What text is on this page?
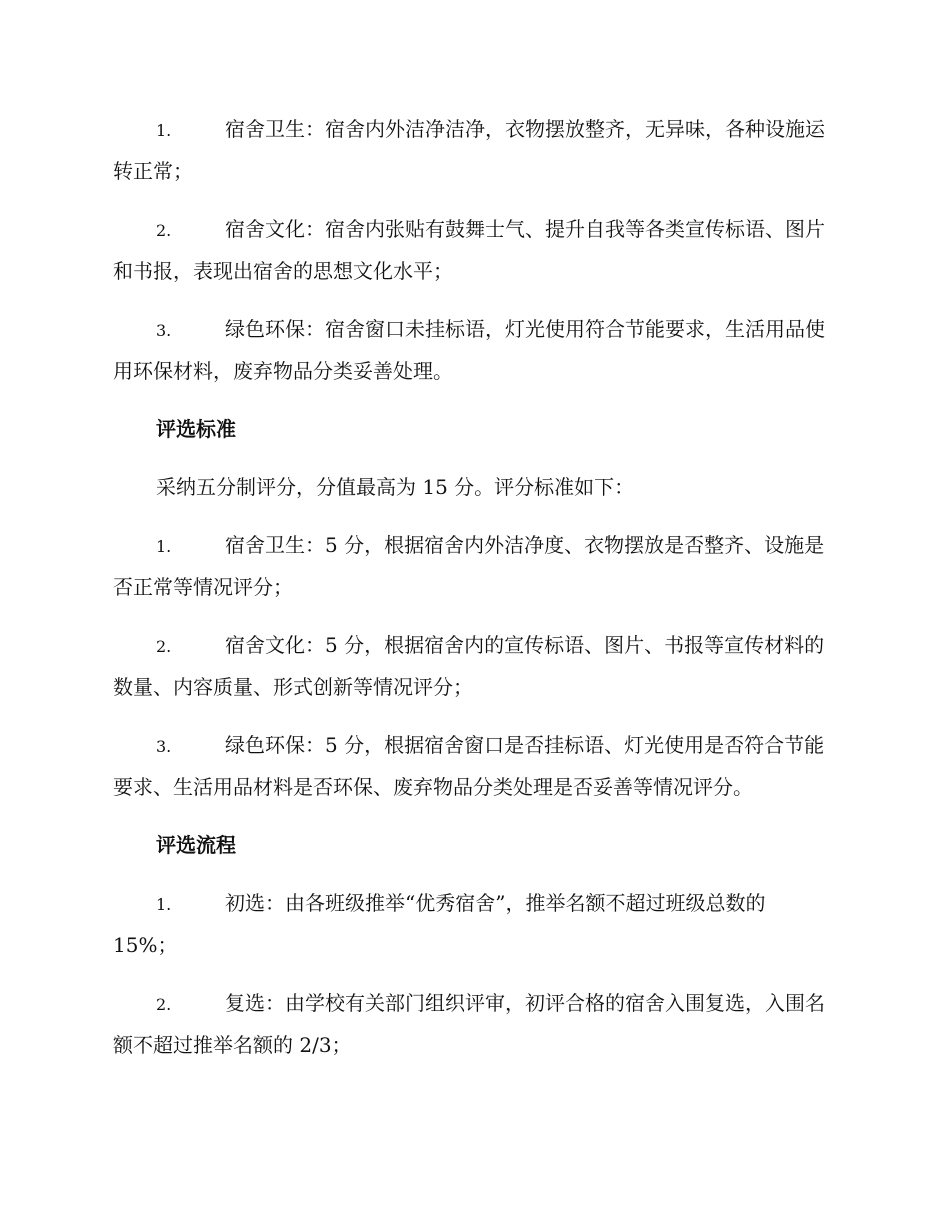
1.	宿舍卫生：宿舍内外洁净洁净，衣物摆放整齐，无异味，各种设施运转正常；

2.	宿舍文化：宿舍内张贴有鼓舞士气、提升自我等各类宣传标语、图片和书报，表现出宿舍的思想文化水平；

3.	绿色环保：宿舍窗口未挂标语，灯光使用符合节能要求，生活用品使用环保材料，废弃物品分类妥善处理。

评选标准

采纳五分制评分，分值最高为 15 分。评分标准如下：

1.	宿舍卫生：5 分，根据宿舍内外洁净度、衣物摆放是否整齐、设施是否正常等情况评分；

2.	宿舍文化：5 分，根据宿舍内的宣传标语、图片、书报等宣传材料的数量、内容质量、形式创新等情况评分；

3.	绿色环保：5 分，根据宿舍窗口是否挂标语、灯光使用是否符合节能要求、生活用品材料是否环保、废弃物品分类处理是否妥善等情况评分。

评选流程

1.	初选：由各班级推举“优秀宿舍”，推举名额不超过班级总数的 15%；

2.	复选：由学校有关部门组织评审，初评合格的宿舍入围复选，入围名额不超过推举名额的 2/3；
